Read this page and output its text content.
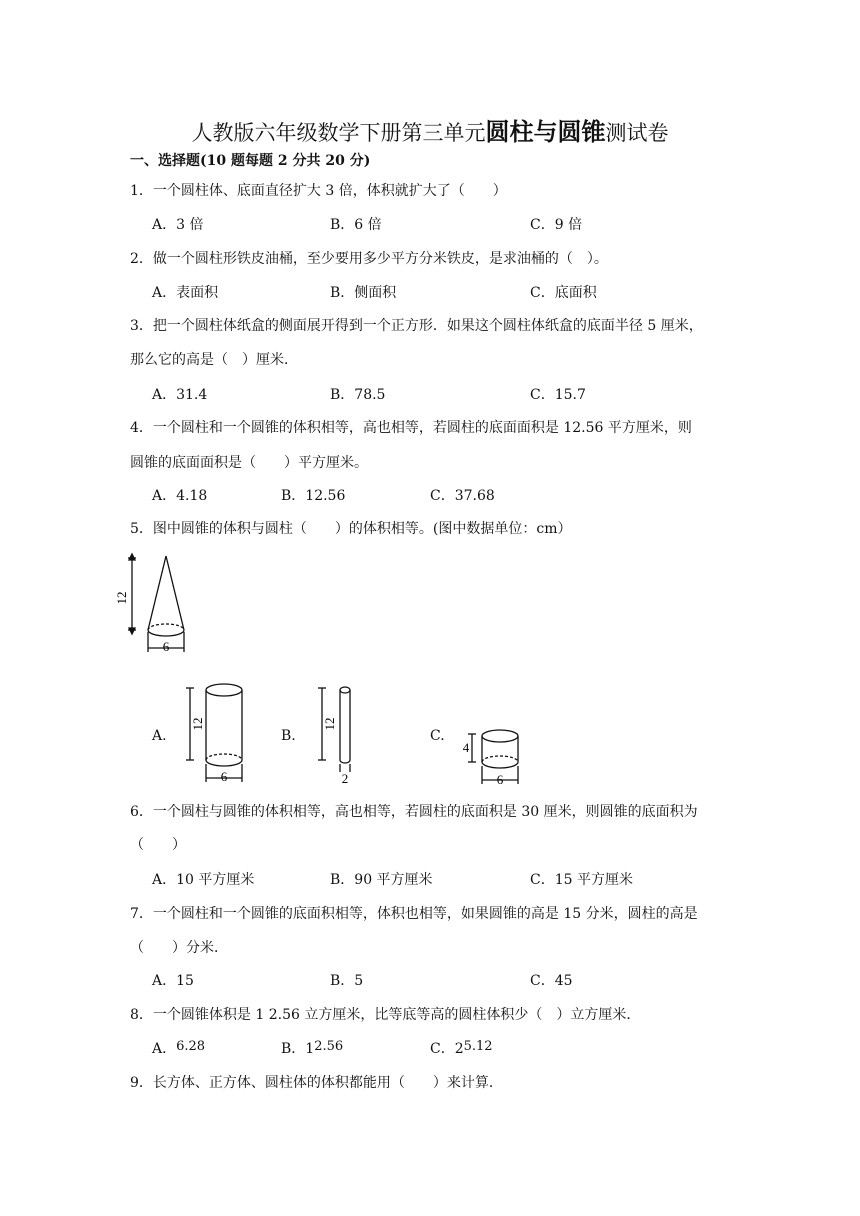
人教版六年级数学下册第三单元圆柱与圆锥测试卷
一、选择题(10 题每题 2 分共 20 分)
1．一个圆柱体、底面直径扩大 3 倍，体积就扩大了（　　）
A．3 倍	B．6 倍	C．9 倍
2．做一个圆柱形铁皮油桶，至少要用多少平方分米铁皮，是求油桶的（　）。
A．表面积	B．侧面积	C．底面积
3．把一个圆柱体纸盒的侧面展开得到一个正方形．如果这个圆柱体纸盒的底面半径 5 厘米，
那么它的高是（　）厘米．
A．31.4	B．78.5	C．15.7
4．一个圆柱和一个圆锥的体积相等，高也相等，若圆柱的底面面积是 12.56 平方厘米，则
圆锥的底面面积是（　　）平方厘米。
A．4.18	B．12.56	C．37.68
5．图中圆锥的体积与圆柱（　　）的体积相等。(图中数据单位：cm）
12
6
A.	B.	C.
12
6
12
2
4
6
6．一个圆柱与圆锥的体积相等，高也相等，若圆柱的底面积是 30 厘米，则圆锥的底面积为
（　　）
A．10 平方厘米	B．90 平方厘米	C．15 平方厘米
7．一个圆柱和一个圆锥的底面积相等，体积也相等，如果圆锥的高是 15 分米，圆柱的高是
（　　）分米．
A．15	B．5	C．45
8．一个圆锥体积是 1 2.56 立方厘米，比等底等高的圆柱体积少（　）立方厘米．
A．6.28	B．12.56	C．25.12
9．长方体、正方体、圆柱体的体积都能用（　　）来计算．
